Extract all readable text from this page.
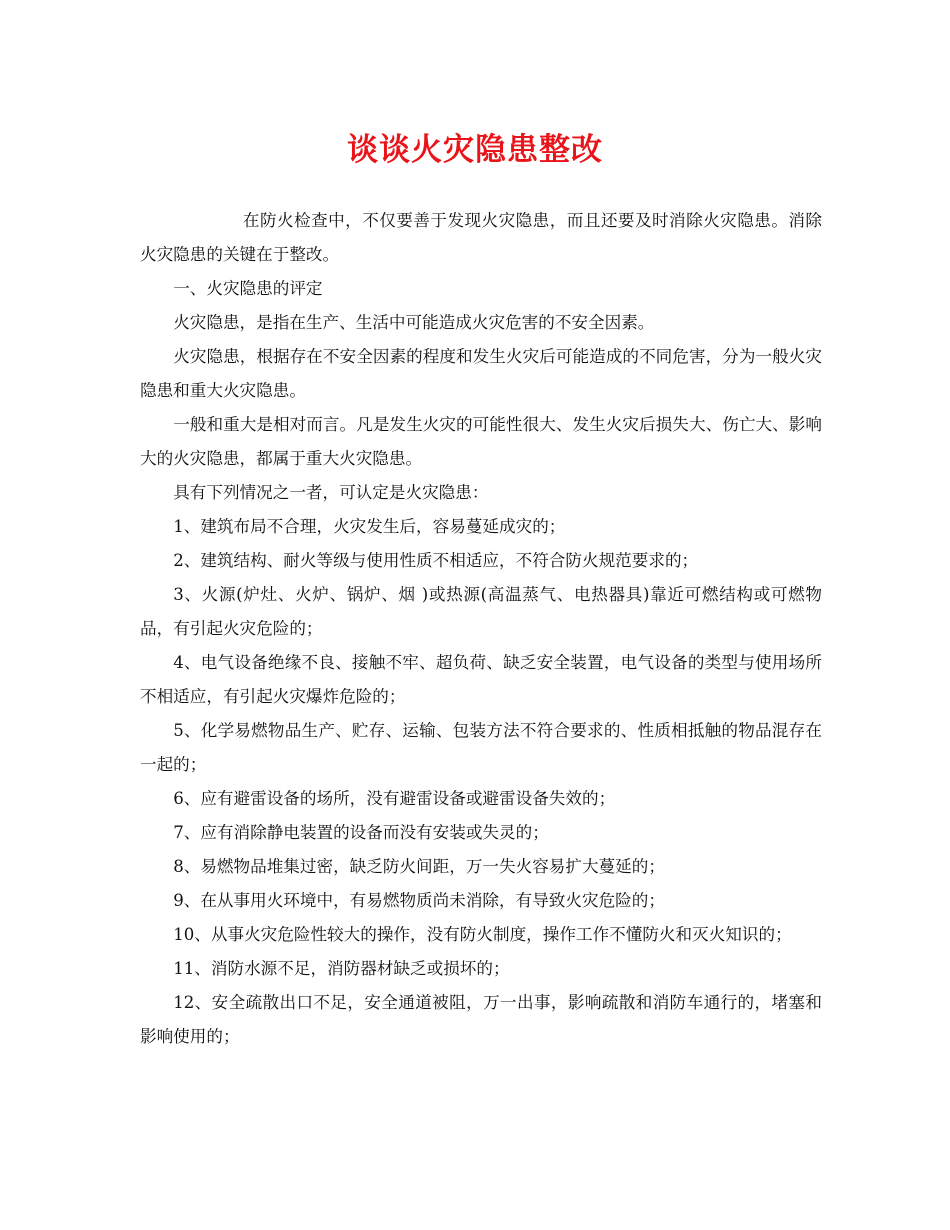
谈谈火灾隐患整改

在防火检查中，不仅要善于发现火灾隐患，而且还要及时消除火灾隐患。消除火灾隐患的关键在于整改。

一、火灾隐患的评定

火灾隐患，是指在生产、生活中可能造成火灾危害的不安全因素。

火灾隐患，根据存在不安全因素的程度和发生火灾后可能造成的不同危害，分为一般火灾隐患和重大火灾隐患。

一般和重大是相对而言。凡是发生火灾的可能性很大、发生火灾后损失大、伤亡大、影响大的火灾隐患，都属于重大火灾隐患。

具有下列情况之一者，可认定是火灾隐患：

1、建筑布局不合理，火灾发生后，容易蔓延成灾的；

2、建筑结构、耐火等级与使用性质不相适应，不符合防火规范要求的；

3、火源(炉灶、火炉、锅炉、烟 )或热源(高温蒸气、电热器具)靠近可燃结构或可燃物品，有引起火灾危险的；

4、电气设备绝缘不良、接触不牢、超负荷、缺乏安全装置，电气设备的类型与使用场所不相适应，有引起火灾爆炸危险的；

5、化学易燃物品生产、贮存、运输、包装方法不符合要求的、性质相抵触的物品混存在一起的；

6、应有避雷设备的场所，没有避雷设备或避雷设备失效的；

7、应有消除静电装置的设备而没有安装或失灵的；

8、易燃物品堆集过密，缺乏防火间距，万一失火容易扩大蔓延的；

9、在从事用火环境中，有易燃物质尚未消除，有导致火灾危险的；

10、从事火灾危险性较大的操作，没有防火制度，操作工作不懂防火和灭火知识的；

11、消防水源不足，消防器材缺乏或损坏的；

12、安全疏散出口不足，安全通道被阻，万一出事，影响疏散和消防车通行的，堵塞和影响使用的；
